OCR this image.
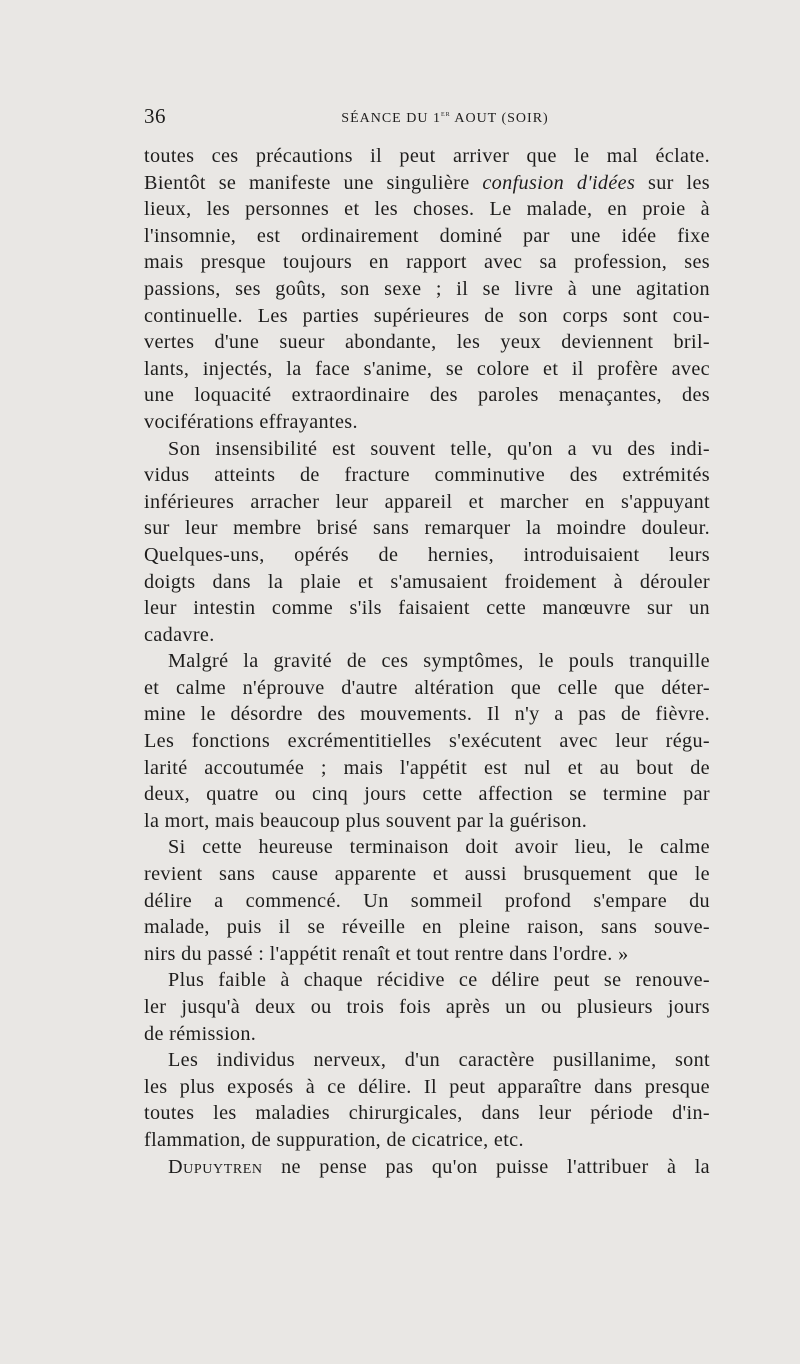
36	SÉANCE DU 1er AOUT (SOIR)
toutes ces précautions il peut arriver que le mal éclate.
Bientôt se manifeste une singulière confusion d'idées sur les
lieux, les personnes et les choses. Le malade, en proie à
l'insomnie, est ordinairement dominé par une idée fixe
mais presque toujours en rapport avec sa profession, ses
passions, ses goûts, son sexe ; il se livre à une agitation
continuelle. Les parties supérieures de son corps sont cou-
vertes d'une sueur abondante, les yeux deviennent bril-
lants, injectés, la face s'anime, se colore et il profère avec
une loquacité extraordinaire des paroles menaçantes, des
vociférations effrayantes.
Son insensibilité est souvent telle, qu'on a vu des indi-
vidus atteints de fracture comminutive des extrémités
inférieures arracher leur appareil et marcher en s'appuyant
sur leur membre brisé sans remarquer la moindre douleur.
Quelques-uns, opérés de hernies, introduisaient leurs
doigts dans la plaie et s'amusaient froidement à dérouler
leur intestin comme s'ils faisaient cette manœuvre sur un
cadavre.
Malgré la gravité de ces symptômes, le pouls tranquille
et calme n'éprouve d'autre altération que celle que déter-
mine le désordre des mouvements. Il n'y a pas de fièvre.
Les fonctions excrémentitielles s'exécutent avec leur régu-
larité accoutumée ; mais l'appétit est nul et au bout de
deux, quatre ou cinq jours cette affection se termine par
la mort, mais beaucoup plus souvent par la guérison.
Si cette heureuse terminaison doit avoir lieu, le calme
revient sans cause apparente et aussi brusquement que le
délire a commencé. Un sommeil profond s'empare du
malade, puis il se réveille en pleine raison, sans souve-
nirs du passé : l'appétit renaît et tout rentre dans l'ordre. »
Plus faible à chaque récidive ce délire peut se renouve-
ler jusqu'à deux ou trois fois après un ou plusieurs jours
de rémission.
Les individus nerveux, d'un caractère pusillanime, sont
les plus exposés à ce délire. Il peut apparaître dans presque
toutes les maladies chirurgicales, dans leur période d'in-
flammation, de suppuration, de cicatrice, etc.
Dupuytren ne pense pas qu'on puisse l'attribuer à la
